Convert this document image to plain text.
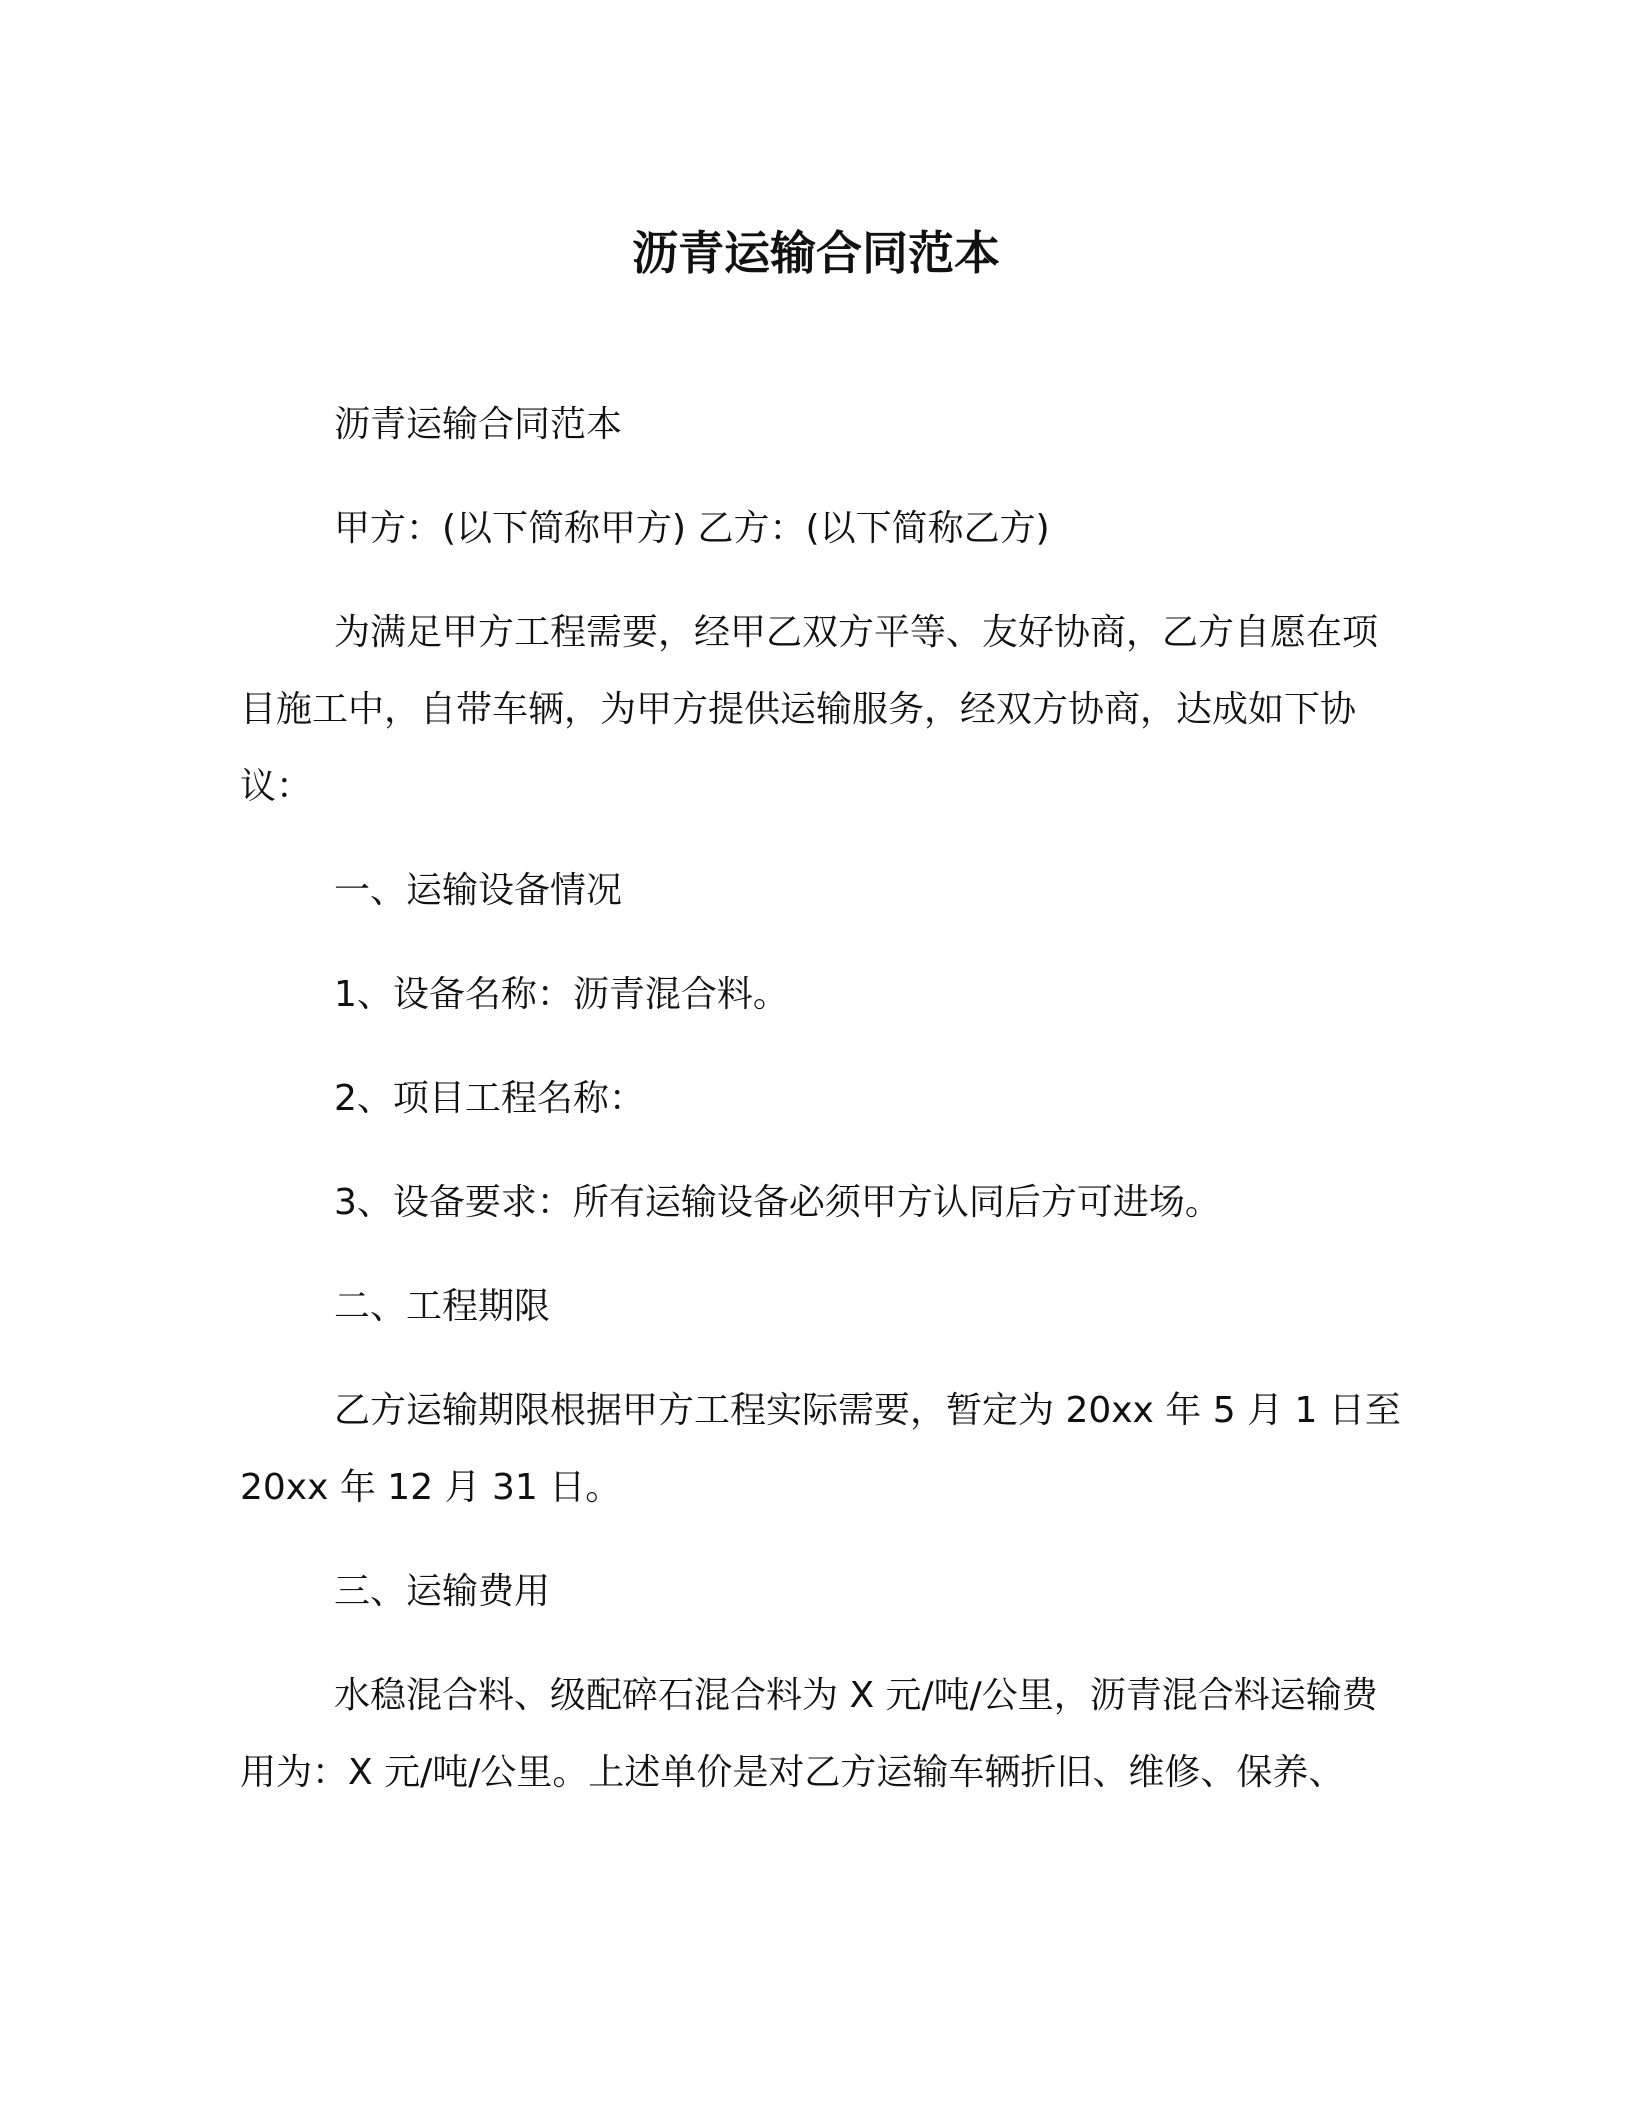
沥青运输合同范本

沥青运输合同范本

甲方：(以下简称甲方) 乙方：(以下简称乙方)

为满足甲方工程需要，经甲乙双方平等、友好协商，乙方自愿在项目施工中，自带车辆，为甲方提供运输服务，经双方协商，达成如下协议：

一、运输设备情况

1、设备名称：沥青混合料。

2、项目工程名称：

3、设备要求：所有运输设备必须甲方认同后方可进场。

二、工程期限

乙方运输期限根据甲方工程实际需要，暂定为 20xx 年 5 月 1 日至 20xx 年 12 月 31 日。

三、运输费用

水稳混合料、级配碎石混合料为 X 元/吨/公里，沥青混合料运输费用为：X 元/吨/公里。上述单价是对乙方运输车辆折旧、维修、保养、
